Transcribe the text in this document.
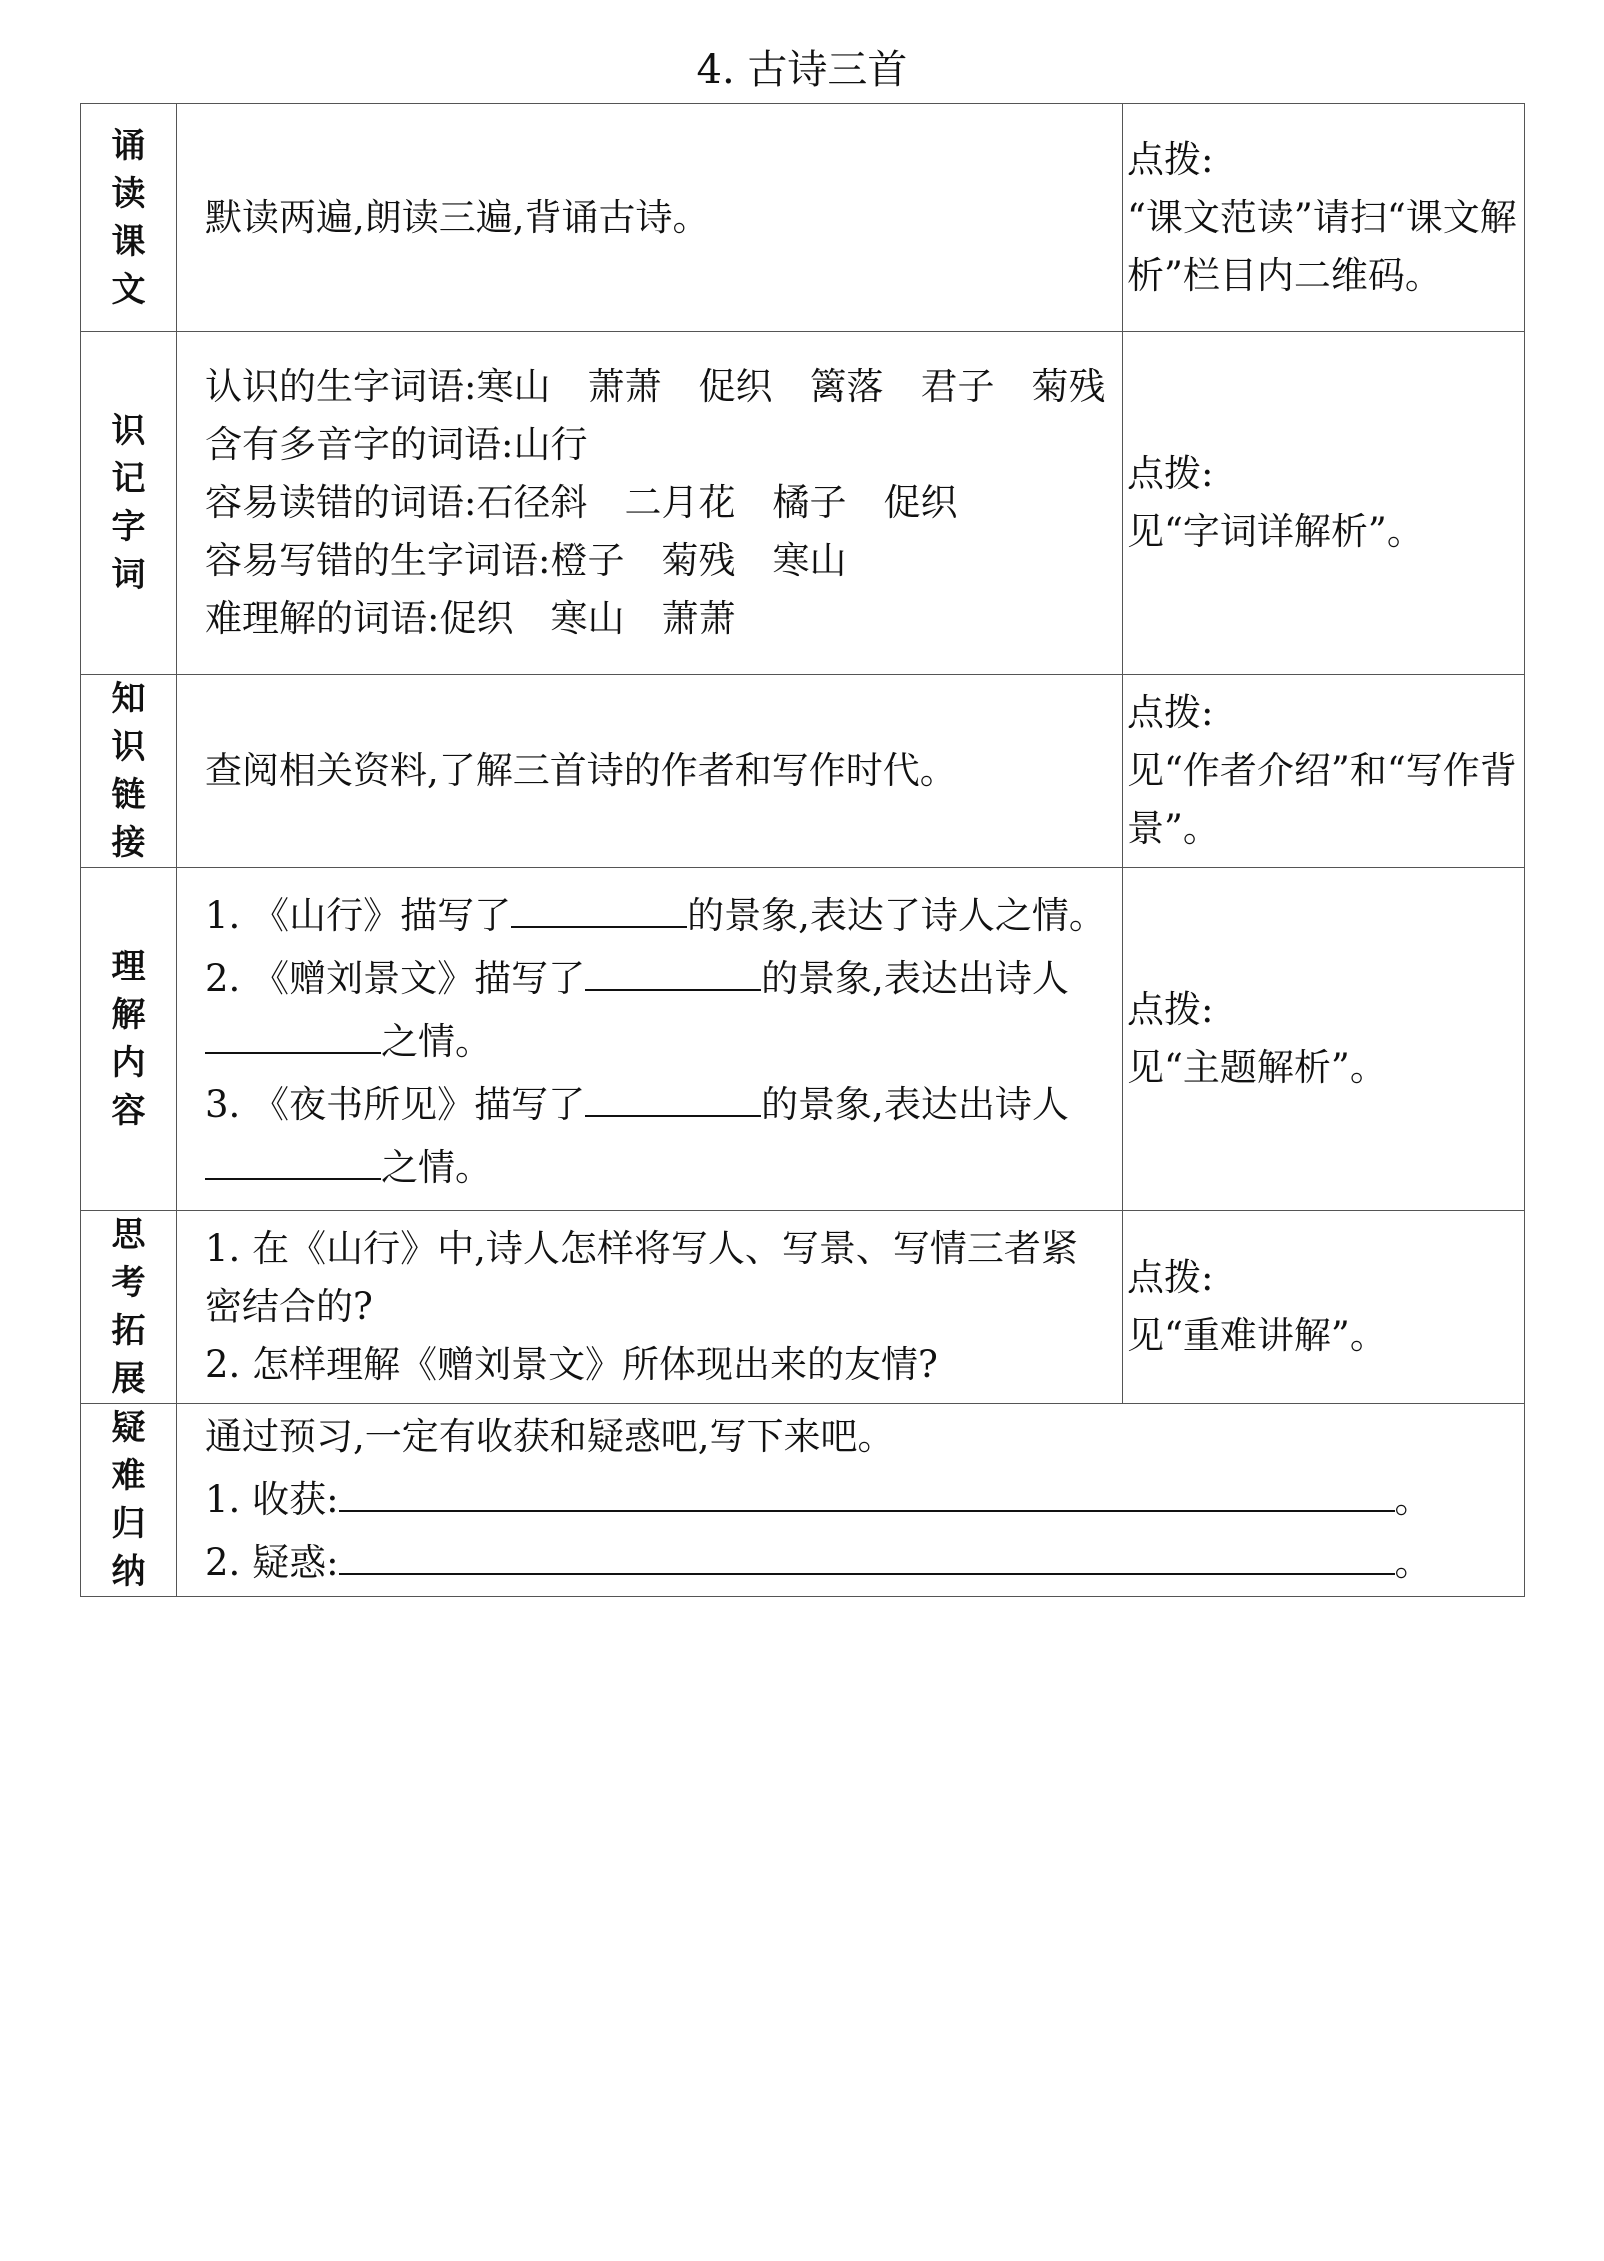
4. 古诗三首
诵读课文	默读两遍,朗读三遍,背诵古诗。	点拨:
“课文范读”请扫“课文解析”栏目内二维码。

识记字词	认识的生字词语:寒山　萧萧　促织　篱落　君子　菊残
含有多音字的词语:山行
容易读错的词语:石径斜　二月花　橘子　促织
容易写错的生字词语:橙子　菊残　寒山
难理解的词语:促织　寒山　萧萧	点拨:
见“字词详解析”。

知识链接	查阅相关资料,了解三首诗的作者和写作时代。	点拨:
见“作者介绍”和“写作背景”。

理解内容	1. 《山行》描写了 的景象,表达了诗人之情。
2. 《赠刘景文》描写了 的景象,表达出诗人之情。
3. 《夜书所见》描写了 的景象,表达出诗人之情。	点拨:
见“主题解析”。

思考拓展	1. 在《山行》中,诗人怎样将写人、写景、写情三者紧密结合的?
2. 怎样理解《赠刘景文》所体现出来的友情?	点拨:
见“重难讲解”。

疑难归纳	通过预习,一定有收获和疑惑吧,写下来吧。
1. 收获: 。
2. 疑惑: 。	
